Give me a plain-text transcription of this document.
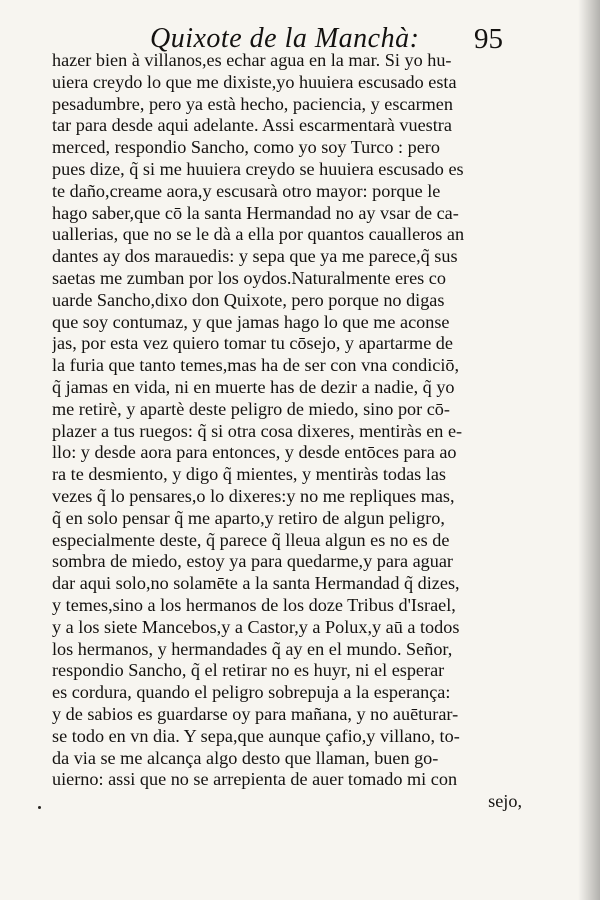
Quixote de la Manchà:	95
hazer bien à villanos,es echar agua en la mar. Si yo hu-
uiera creydo lo que me dixiste,yo huuiera escusado esta
pesadumbre, pero ya està hecho, paciencia, y escarmen
tar para desde aqui adelante. Assi escarmentarà vuestra
merced, respondio Sancho, como yo soy Turco : pero
pues dize, q̃ si me huuiera creydo se huuiera escusado es
te daño,creame aora,y escusarà otro mayor: porque le
hago saber,que cō la santa Hermandad no ay vsar de ca-
uallerias, que no se le dà a ella por quantos caualleros an
dantes ay dos marauedis: y sepa que ya me parece,q̃ sus
saetas me zumban por los oydos.Naturalmente eres co
uarde Sancho,dixo don Quixote, pero porque no digas
que soy contumaz, y que jamas hago lo que me aconse
jas, por esta vez quiero tomar tu cōsejo, y apartarme de
la furia que tanto temes,mas ha de ser con vna condiciō,
q̃ jamas en vida, ni en muerte has de dezir a nadie, q̃ yo
me retirè, y apartè deste peligro de miedo, sino por cō-
plazer a tus ruegos: q̃ si otra cosa dixeres, mentiràs en e-
llo: y desde aora para entonces, y desde entōces para ao
ra te desmiento, y digo q̃ mientes, y mentiràs todas las
vezes q̃ lo pensares,o lo dixeres:y no me repliques mas,
q̃ en solo pensar q̃ me aparto,y retiro de algun peligro,
especialmente deste, q̃ parece q̃ lleua algun es no es de
sombra de miedo, estoy ya para quedarme,y para aguar
dar aqui solo,no solamēte a la santa Hermandad q̃ dizes,
y temes,sino a los hermanos de los doze Tribus d'Israel,
y a los siete Mancebos,y a Castor,y a Polux,y aū a todos
los hermanos, y hermandades q̃ ay en el mundo. Señor,
respondio Sancho, q̃ el retirar no es huyr, ni el esperar
es cordura, quando el peligro sobrepuja a la esperança:
y de sabios es guardarse oy para mañana, y no auēturar-
se todo en vn dia. Y sepa,que aunque çafio,y villano, to-
da via se me alcança algo desto que llaman, buen go-
uierno: assi que no se arrepienta de auer tomado mi con
sejo,
